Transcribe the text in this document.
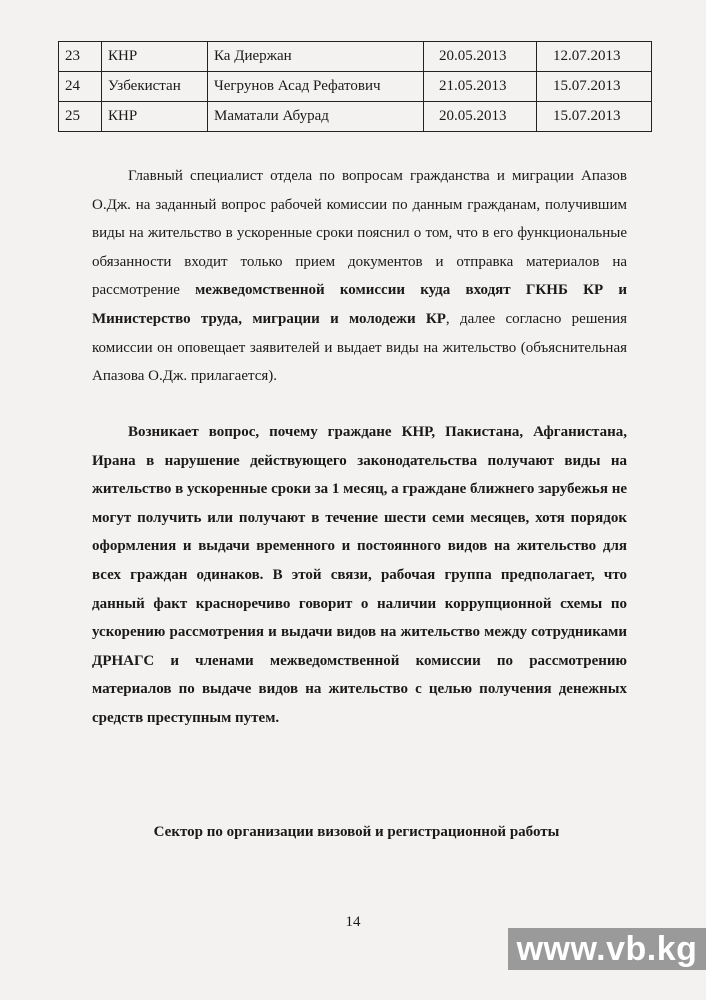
23	КНР	Ка Диержан	20.05.2013	12.07.2013
24	Узбекистан	Чегрунов Асад Рефатович	21.05.2013	15.07.2013
25	КНР	Маматали Абурад	20.05.2013	15.07.2013

Главный специалист отдела по вопросам гражданства и миграции Апазов О.Дж. на заданный вопрос рабочей комиссии по данным гражданам, получившим виды на жительство в ускоренные сроки пояснил о том, что в его функциональные обязанности входит только прием документов и отправка материалов на рассмотрение межведомственной комиссии куда входят ГКНБ КР и Министерство труда, миграции и молодежи КР, далее согласно решения комиссии он оповещает заявителей и выдает виды на жительство (объяснительная Апазова О.Дж. прилагается).

Возникает вопрос, почему граждане КНР, Пакистана, Афганистана, Ирана в нарушение действующего законодательства получают виды на жительство в ускоренные сроки за 1 месяц, а граждане ближнего зарубежья не могут получить или получают в течение шести семи месяцев, хотя порядок оформления и выдачи временного и постоянного видов на жительство для всех граждан одинаков. В этой связи, рабочая группа предполагает, что данный факт красноречиво говорит о наличии коррупционной схемы по ускорению рассмотрения и выдачи видов на жительство между сотрудниками ДРНАГС и членами межведомственной комиссии по рассмотрению материалов по выдаче видов на жительство с целью получения денежных средств преступным путем.

Сектор по организации визовой и регистрационной работы
14
www.vb.kg
